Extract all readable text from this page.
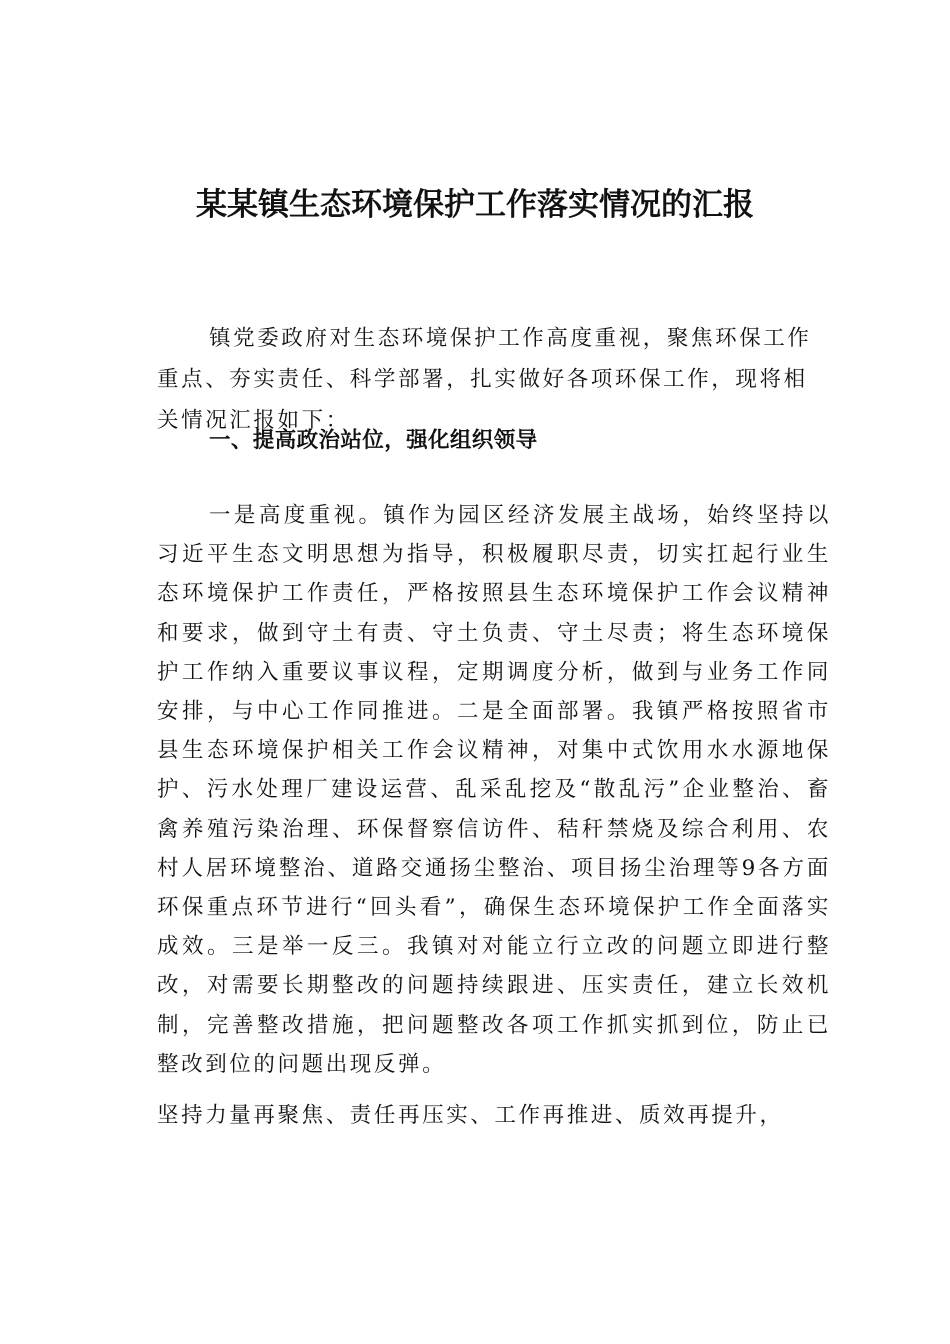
某某镇生态环境保护工作落实情况的汇报

镇党委政府对生态环境保护工作高度重视，聚焦环保工作重点、夯实责任、科学部署，扎实做好各项环保工作，现将相关情况汇报如下：

一、提高政治站位，强化组织领导

一是高度重视。镇作为园区经济发展主战场，始终坚持以习近平生态文明思想为指导，积极履职尽责，切实扛起行业生态环境保护工作责任，严格按照县生态环境保护工作会议精神和要求，做到守土有责、守土负责、守土尽责；将生态环境保护工作纳入重要议事议程，定期调度分析，做到与业务工作同安排，与中心工作同推进。二是全面部署。我镇严格按照省市县生态环境保护相关工作会议精神，对集中式饮用水水源地保护、污水处理厂建设运营、乱采乱挖及“散乱污”企业整治、畜禽养殖污染治理、环保督察信访件、秸秆禁烧及综合利用、农村人居环境整治、道路交通扬尘整治、项目扬尘治理等9各方面环保重点环节进行“回头看”，确保生态环境保护工作全面落实成效。三是举一反三。我镇对对能立行立改的问题立即进行整改，对需要长期整改的问题持续跟进、压实责任，建立长效机制，完善整改措施，把问题整改各项工作抓实抓到位，防止已整改到位的问题出现反弹。

坚持力量再聚焦、责任再压实、工作再推进、质效再提升，
